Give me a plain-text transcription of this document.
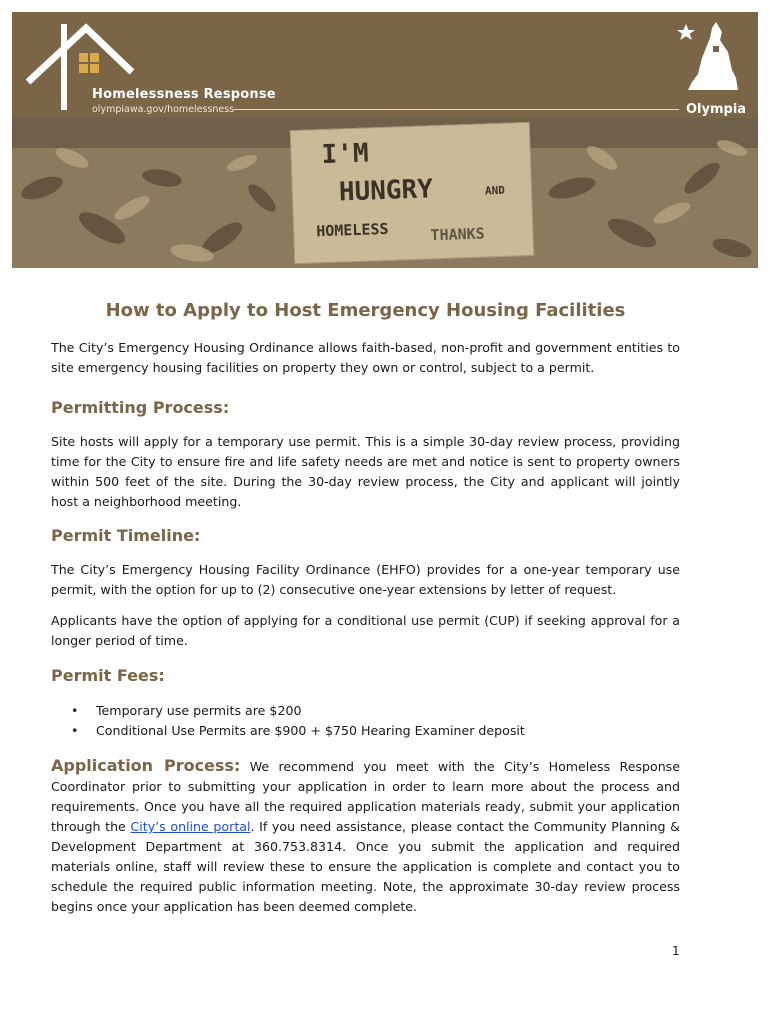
Homelessness Response
olympiawa.gov/homelessness	Olympia
I'M
HUNGRY	AND
HOMELESS	THANKS
How to Apply to Host Emergency Housing Facilities

The City’s Emergency Housing Ordinance allows faith-based, non-profit and government entities to site emergency housing facilities on property they own or control, subject to a permit.

Permitting Process:

Site hosts will apply for a temporary use permit. This is a simple 30-day review process, providing time for the City to ensure fire and life safety needs are met and notice is sent to property owners within 500 feet of the site. During the 30-day review process, the City and applicant will jointly host a neighborhood meeting.

Permit Timeline:

The City’s Emergency Housing Facility Ordinance (EHFO) provides for a one-year temporary use permit, with the option for up to (2) consecutive one-year extensions by letter of request.

Applicants have the option of applying for a conditional use permit (CUP) if seeking approval for a longer period of time.

Permit Fees:
• Temporary use permits are $200
• Conditional Use Permits are $900 + $750 Hearing Examiner deposit

Application Process: We recommend you meet with the City’s Homeless Response Coordinator prior to submitting your application in order to learn more about the process and requirements. Once you have all the required application materials ready, submit your application through the City’s online portal. If you need assistance, please contact the Community Planning & Development Department at 360.753.8314. Once you submit the application and required materials online, staff will review these to ensure the application is complete and contact you to schedule the required public information meeting. Note, the approximate 30-day review process begins once your application has been deemed complete.

1
